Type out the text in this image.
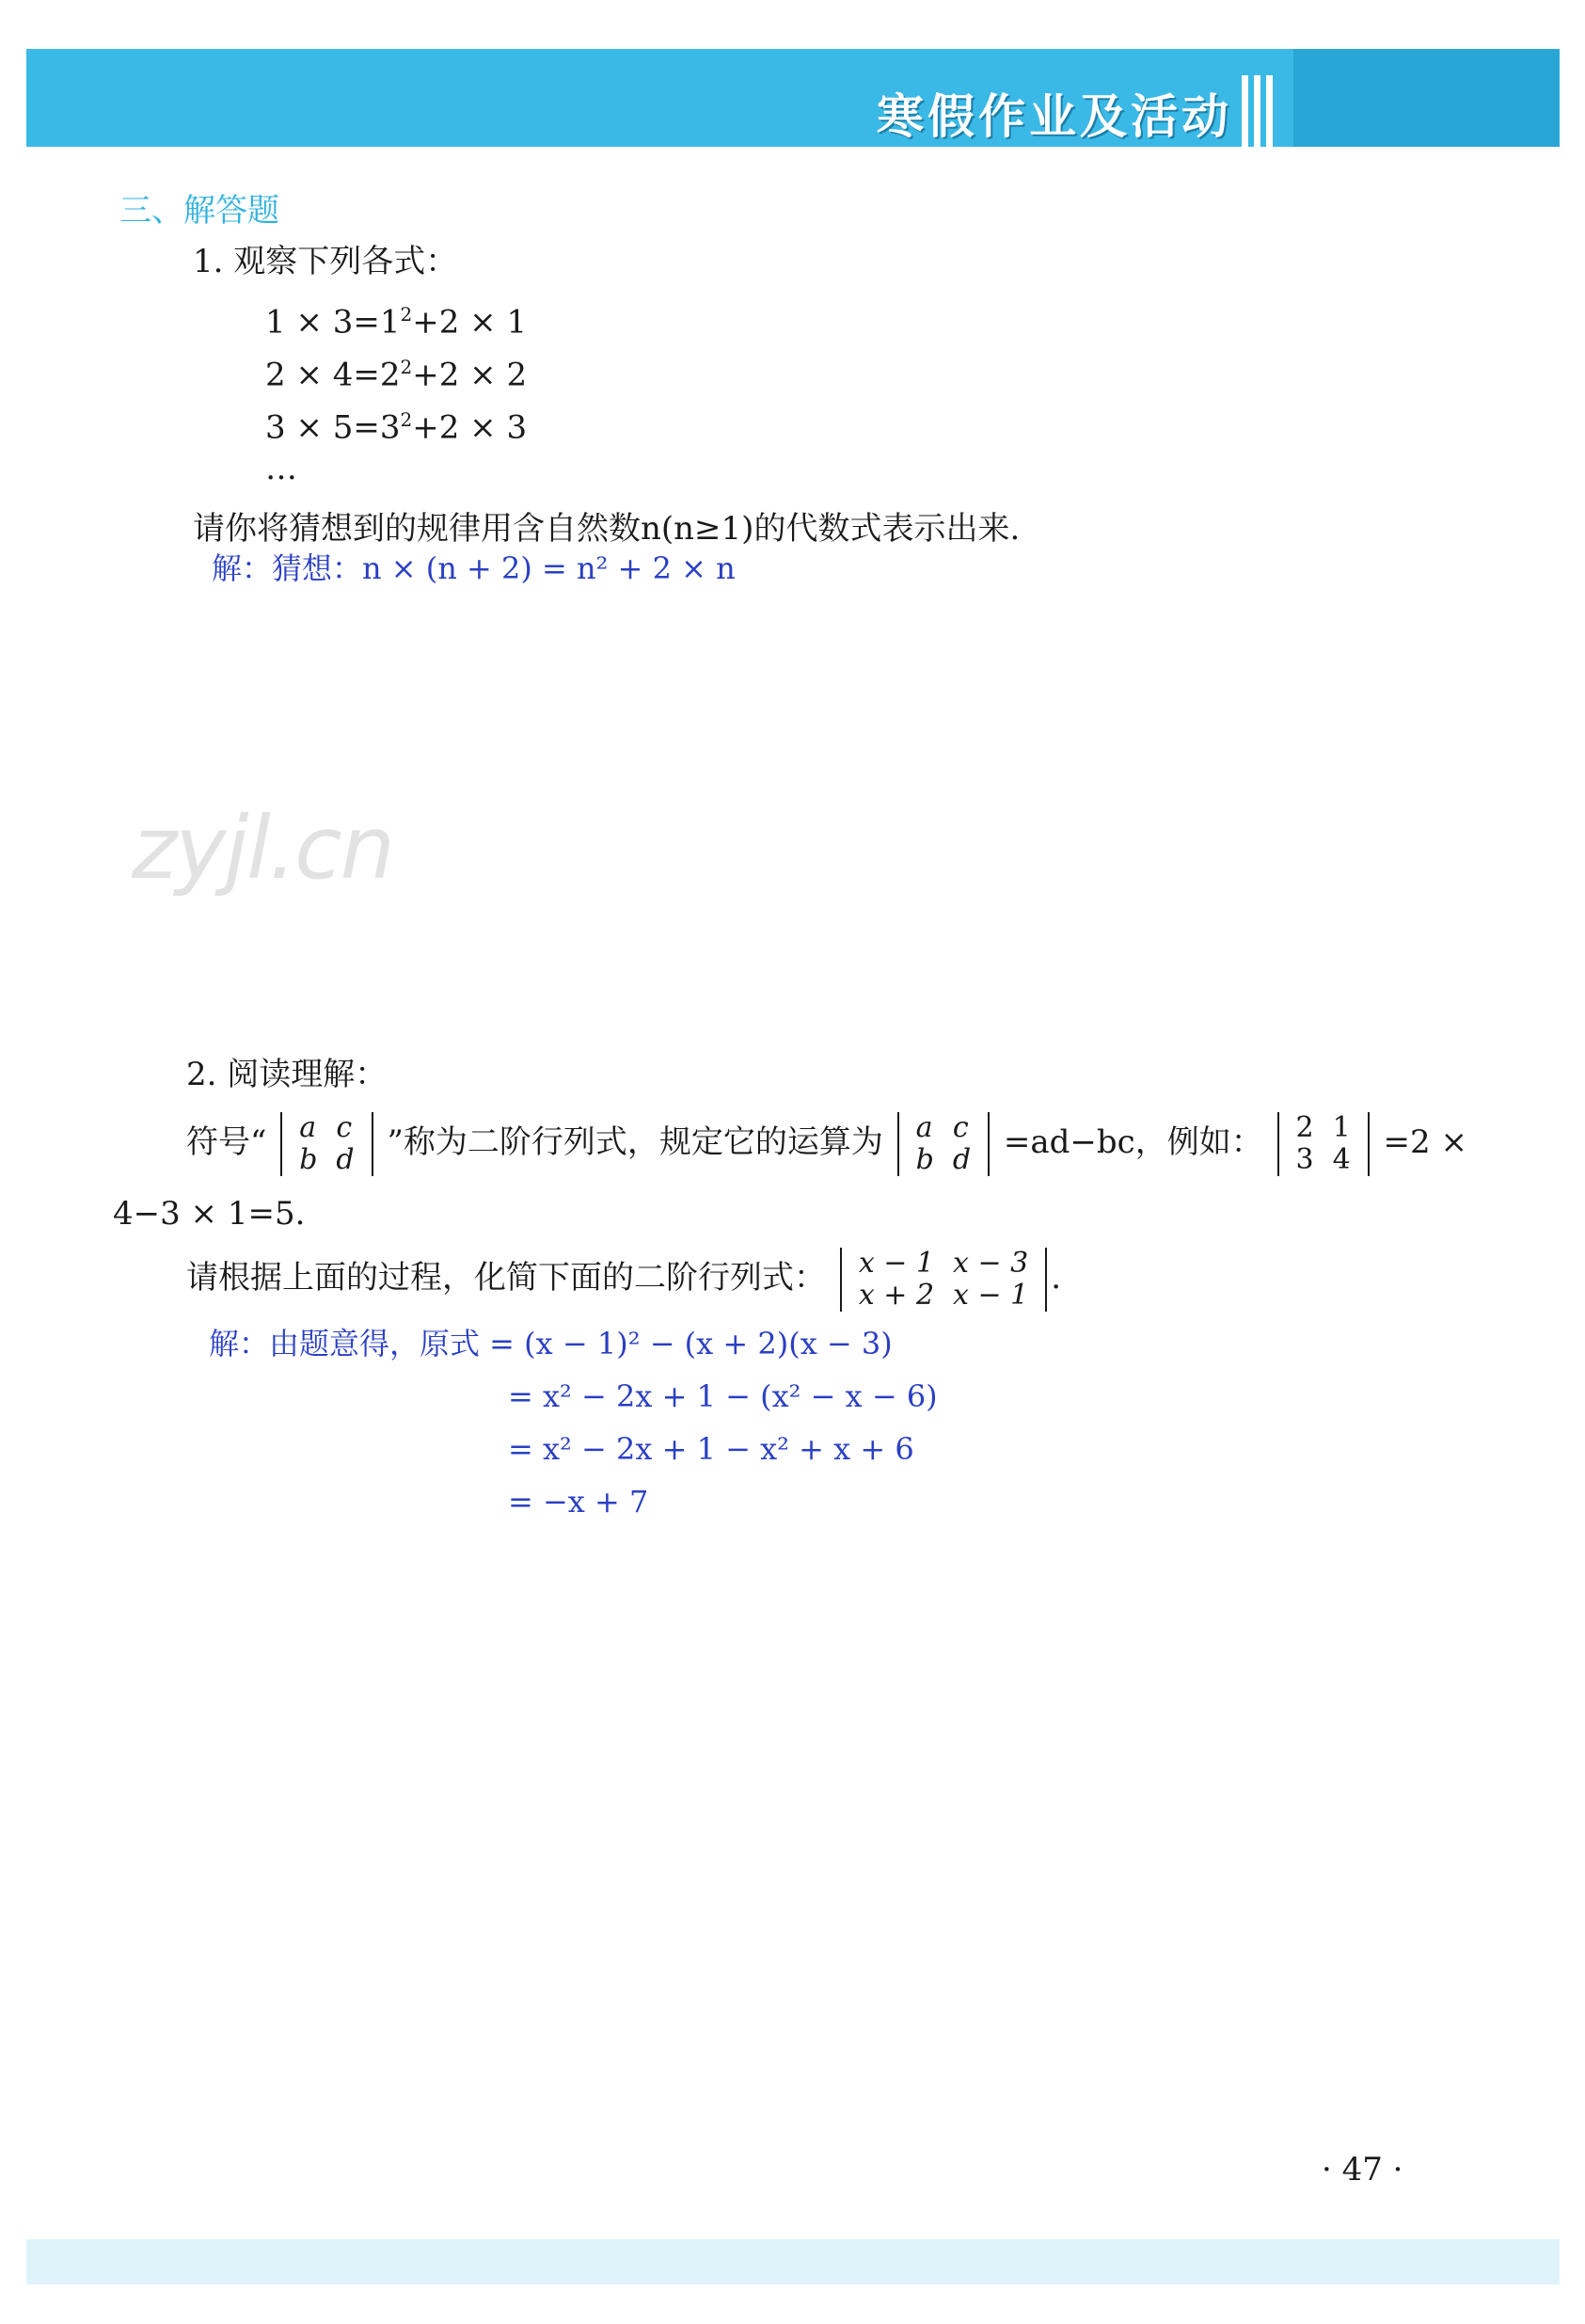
寒假作业及活动
三、解答题
1. 观察下列各式：
$1 \times 3=1^2+2 \times 1$
$2 \times 4=2^2+2 \times 2$
$3 \times 5=3^2+2 \times 3$
…
请你将猜想到的规律用含自然数n(n≥1)的代数式表示出来.
解：猜想：n × (n + 2) = n² + 2 × n
zyjl.cn
2. 阅读理解：
符号“ a	c
b	d ”称为二阶行列式，规定它的运算为 a	c
b	d =ad−bc，例如： 2	1
3	4 =2 ×
4−3 × 1=5.
请根据上面的过程，化简下面的二阶行列式： x − 1	x − 3
x + 2	x − 1 .
解：由题意得，原式 = (x − 1)² − (x + 2)(x − 3)
= x² − 2x + 1 − (x² − x − 6)
= x² − 2x + 1 − x² + x + 6
= −x + 7
· 47 ·
